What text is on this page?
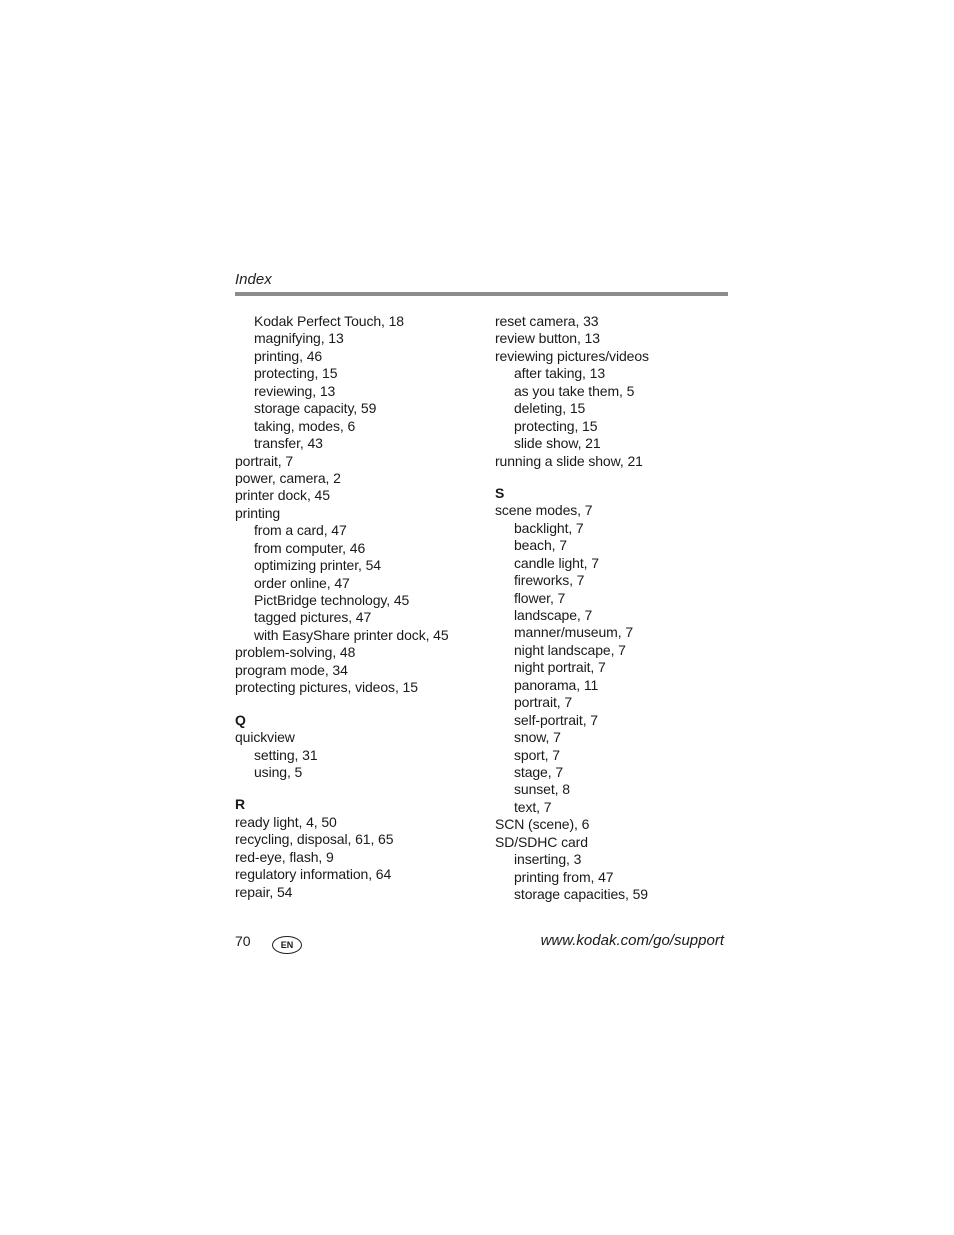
Index
Kodak Perfect Touch, 18
magnifying, 13
printing, 46
protecting, 15
reviewing, 13
storage capacity, 59
taking, modes, 6
transfer, 43
portrait, 7
power, camera, 2
printer dock, 45
printing
from a card, 47
from computer, 46
optimizing printer, 54
order online, 47
PictBridge technology, 45
tagged pictures, 47
with EasyShare printer dock, 45
problem-solving, 48
program mode, 34
protecting pictures, videos, 15
Q
quickview
setting, 31
using, 5
R
ready light, 4, 50
recycling, disposal, 61, 65
red-eye, flash, 9
regulatory information, 64
repair, 54
reset camera, 33
review button, 13
reviewing pictures/videos
after taking, 13
as you take them, 5
deleting, 15
protecting, 15
slide show, 21
running a slide show, 21
S
scene modes, 7
backlight, 7
beach, 7
candle light, 7
fireworks, 7
flower, 7
landscape, 7
manner/museum, 7
night landscape, 7
night portrait, 7
panorama, 11
portrait, 7
self-portrait, 7
snow, 7
sport, 7
stage, 7
sunset, 8
text, 7
SCN (scene), 6
SD/SDHC card
inserting, 3
printing from, 47
storage capacities, 59
70	EN	www.kodak.com/go/support
